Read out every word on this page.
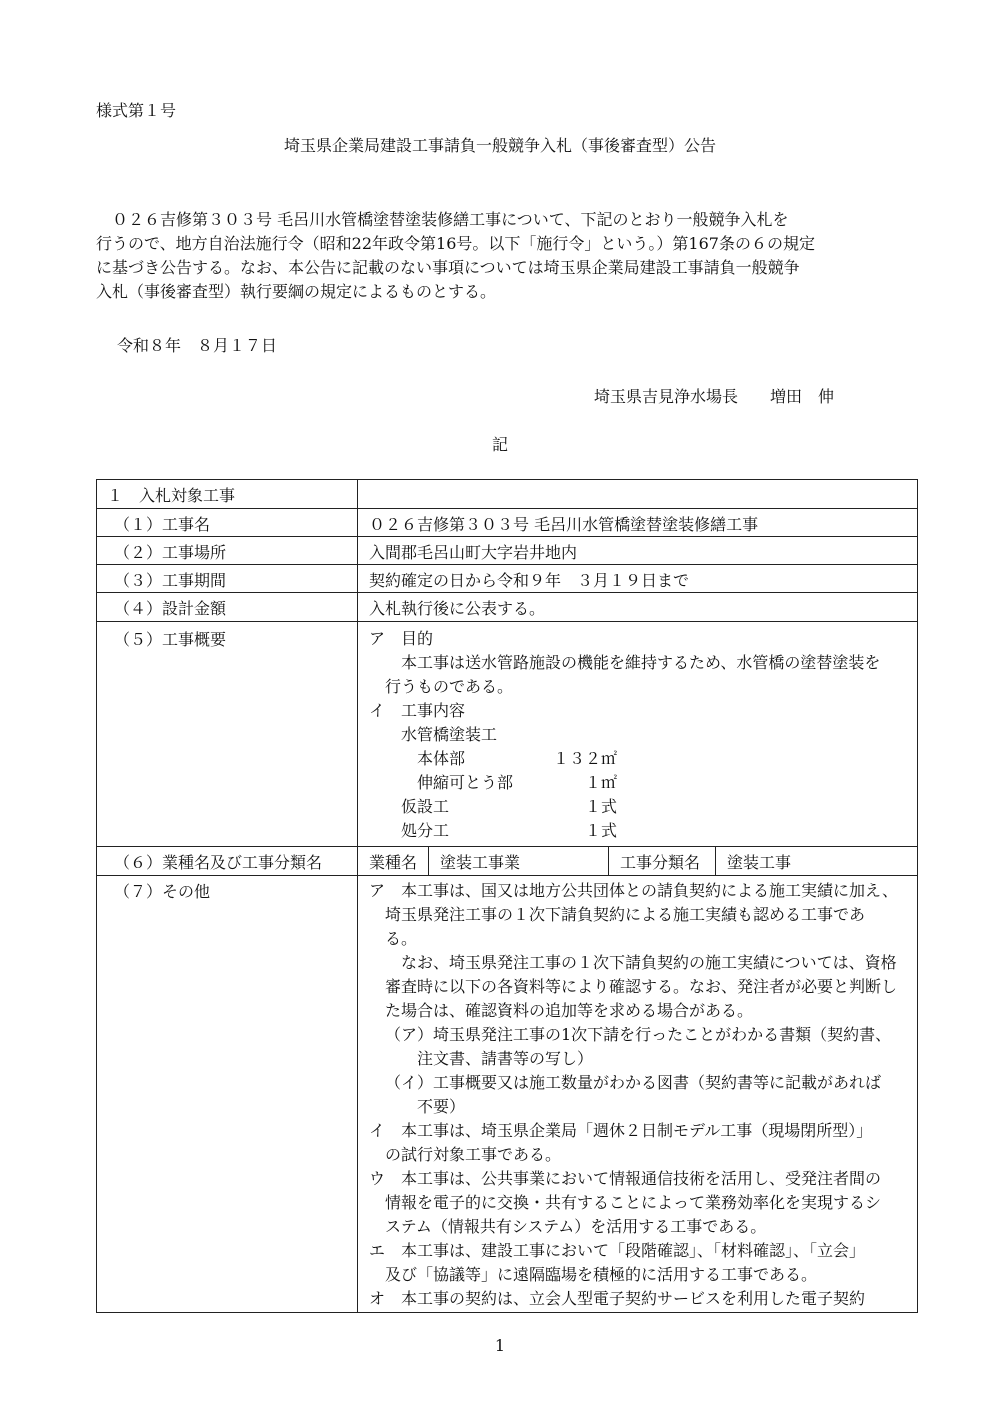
様式第１号
埼玉県企業局建設工事請負一般競争入札（事後審査型）公告
　０２６吉修第３０３号 毛呂川水管橋塗替塗装修繕工事について、下記のとおり一般競争入札を
行うので、地方自治法施行令（昭和22年政令第16号。以下「施行令」という。）第167条の６の規定
に基づき公告する。なお、本公告に記載のない事項については埼玉県企業局建設工事請負一般競争
入札（事後審査型）執行要綱の規定によるものとする。
令和８年　８月１７日
埼玉県吉見浄水場長　　増田　伸
記
１　入札対象工事
（１）工事名	０２６吉修第３０３号 毛呂川水管橋塗替塗装修繕工事
（２）工事場所	入間郡毛呂山町大字岩井地内
（３）工事期間	契約確定の日から令和９年　３月１９日まで
（４）設計金額	入札執行後に公表する。
（５）工事概要	ア　目的
本工事は送水管路施設の機能を維持するため、水管橋の塗替塗装を
行うものである。
イ　工事内容
水管橋塗装工
本体部	１３２㎡
伸縮可とう部	１㎡
仮設工	１式
処分工	１式
（６）業種名及び工事分類名	業種名 塗装工事業	工事分類名 塗装工事
（７）その他	ア　本工事は、国又は地方公共団体との請負契約による施工実績に加え、
埼玉県発注工事の１次下請負契約による施工実績も認める工事であ
る。
なお、埼玉県発注工事の１次下請負契約の施工実績については、資格
審査時に以下の各資料等により確認する。なお、発注者が必要と判断し
た場合は、確認資料の追加等を求める場合がある。
（ア）埼玉県発注工事の1次下請を行ったことがわかる書類（契約書、
注文書、請書等の写し）
（イ）工事概要又は施工数量がわかる図書（契約書等に記載があれば
不要）
イ　本工事は、埼玉県企業局「週休２日制モデル工事（現場閉所型）」
の試行対象工事である。
ウ　本工事は、公共事業において情報通信技術を活用し、受発注者間の
情報を電子的に交換・共有することによって業務効率化を実現するシ
ステム（情報共有システム）を活用する工事である。
エ　本工事は、建設工事において「段階確認」、「材料確認」、「立会」
及び「協議等」に遠隔臨場を積極的に活用する工事である。
オ　本工事の契約は、立会人型電子契約サービスを利用した電子契約
1
